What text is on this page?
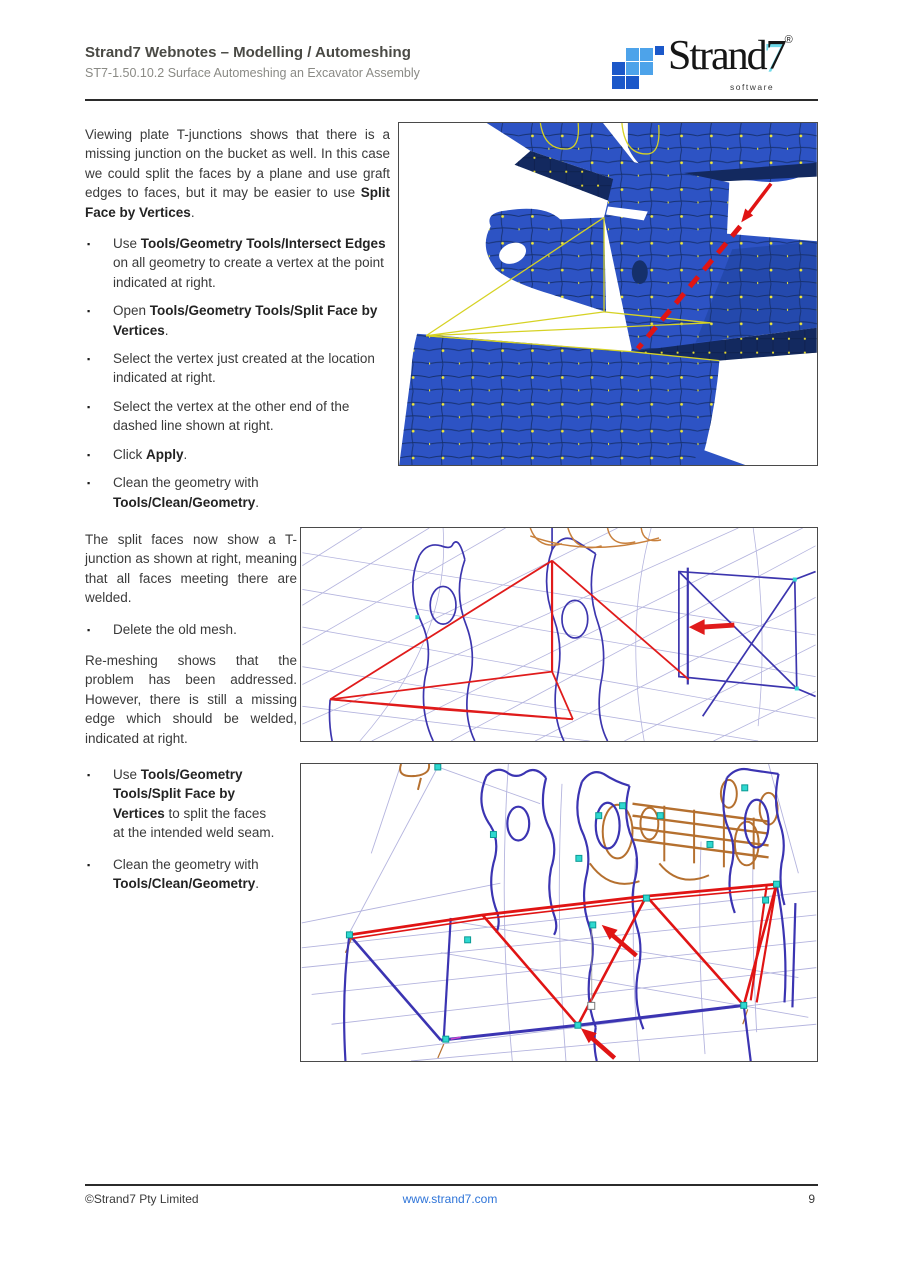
Strand7 Webnotes – Modelling / Automeshing
ST7-1.50.10.2 Surface Automeshing an Excavator Assembly	Strand7®
software

Viewing plate T-junctions shows that there is a missing junction on the bucket as well. In this case we could split the faces by a plane and use graft edges to faces, but it may be easier to use Split Face by Vertices.

▪ Use Tools/Geometry Tools/Intersect Edges on all geometry to create a vertex at the point indicated at right.
▪ Open Tools/Geometry Tools/Split Face by Vertices.
▪ Select the vertex just created at the location indicated at right.
▪ Select the vertex at the other end of the dashed line shown at right.
▪ Click Apply.
▪ Clean the geometry with Tools/Clean/Geometry.

The split faces now show a T-junction as shown at right, meaning that all faces meeting there are welded.

▪ Delete the old mesh.

Re-meshing shows that the problem has been addressed. However, there is still a missing edge which should be welded, indicated at right.

▪ Use Tools/Geometry Tools/Split Face by Vertices to split the faces at the intended weld seam.
▪ Clean the geometry with Tools/Clean/Geometry.
©Strand7 Pty Limited	www.strand7.com	9
